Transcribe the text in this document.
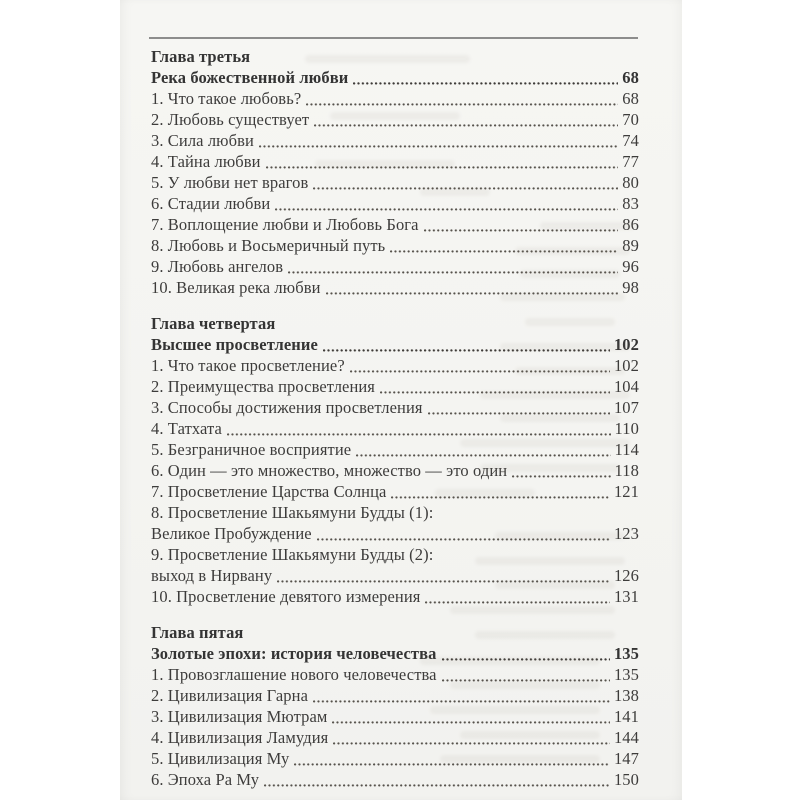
Глава третья
Река божественной любви	68
1. Что такое любовь?	68
2. Любовь существует	70
3. Сила любви	74
4. Тайна любви	77
5. У любви нет врагов	80
6. Стадии любви	83
7. Воплощение любви и Любовь Бога	86
8. Любовь и Восьмеричный путь	89
9. Любовь ангелов	96
10. Великая река любви	98
Глава четвертая
Высшее просветление	102
1. Что такое просветление?	102
2. Преимущества просветления	104
3. Способы достижения просветления	107
4. Татхата	110
5. Безграничное восприятие	114
6. Один — это множество, множество — это один	118
7. Просветление Царства Солнца	121
8. Просветление Шакьямуни Будды (1):
Великое Пробуждение	123
9. Просветление Шакьямуни Будды (2):
выход в Нирвану	126
10. Просветление девятого измерения	131
Глава пятая
Золотые эпохи: история человечества	135
1. Провозглашение нового человечества	135
2. Цивилизация Гарна	138
3. Цивилизация Мютрам	141
4. Цивилизация Ламудия	144
5. Цивилизация Му	147
6. Эпоха Ра Му	150
